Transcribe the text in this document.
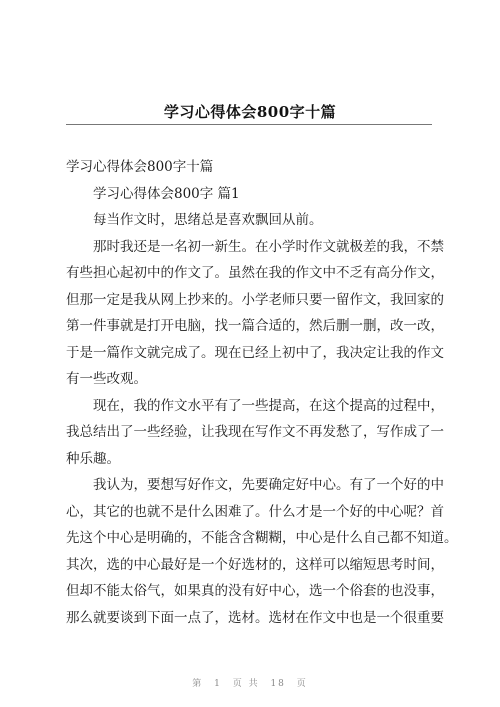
学习心得体会800字十篇

学习心得体会800字十篇

学习心得体会800字 篇1

每当作文时，思绪总是喜欢飘回从前。

那时我还是一名初一新生。在小学时作文就极差的我，不禁
有些担心起初中的作文了。虽然在我的作文中不乏有高分作文，
但那一定是我从网上抄来的。小学老师只要一留作文，我回家的
第一件事就是打开电脑，找一篇合适的，然后删一删，改一改，
于是一篇作文就完成了。现在已经上初中了，我决定让我的作文
有一些改观。

现在，我的作文水平有了一些提高，在这个提高的过程中，
我总结出了一些经验，让我现在写作文不再发愁了，写作成了一
种乐趣。

我认为，要想写好作文，先要确定好中心。有了一个好的中
心，其它的也就不是什么困难了。什么才是一个好的中心呢？首
先这个中心是明确的，不能含含糊糊，中心是什么自己都不知道。
其次，选的中心最好是一个好选材的，这样可以缩短思考时间，
但却不能太俗气，如果真的没有好中心，选一个俗套的也没事，
那么就要谈到下面一点了，选材。选材在作文中也是一个很重要

第 1 页 共 18 页
